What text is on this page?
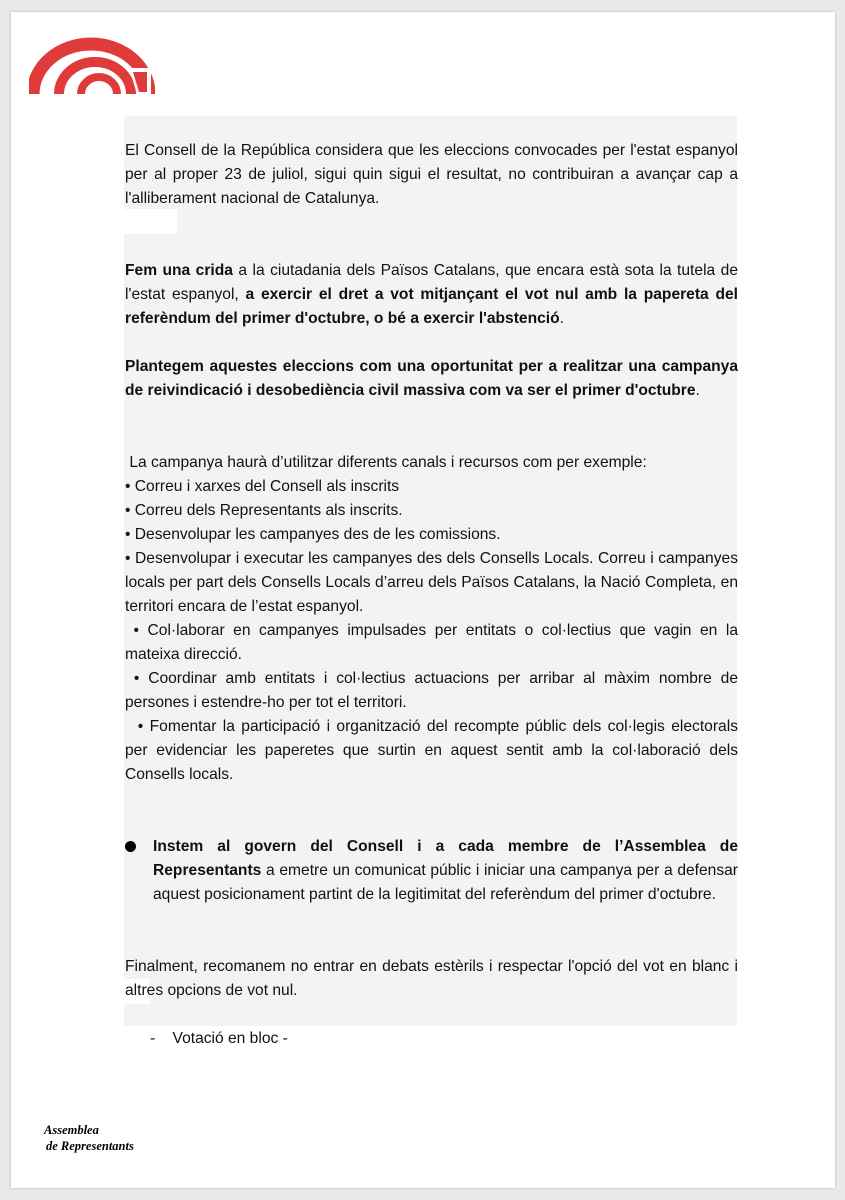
El Consell de la República considera que les eleccions convocades per l'estat espanyol per al proper 23 de juliol, sigui quin sigui el resultat, no contribuiran a avançar cap a l'alliberament nacional de Catalunya.

Fem una crida a la ciutadania dels Països Catalans, que encara està sota la tutela de l'estat espanyol, a exercir el dret a vot mitjançant el vot nul amb la papereta del referèndum del primer d'octubre, o bé a exercir l'abstenció.

Plantegem aquestes eleccions com una oportunitat per a realitzar una campanya de reivindicació i desobediència civil massiva com va ser el primer d'octubre.

La campanya haurà d’utilitzar diferents canals i recursos com per exemple:

• Correu i xarxes del Consell als inscrits
• Correu dels Representants als inscrits.
• Desenvolupar les campanyes des de les comissions.
• Desenvolupar i executar les campanyes des dels Consells Locals. Correu i campanyes locals per part dels Consells Locals d’arreu dels Països Catalans, la Nació Completa, en territori encara de l’estat espanyol.
• Col·laborar en campanyes impulsades per entitats o col·lectius que vagin en la mateixa direcció.
• Coordinar amb entitats i col·lectius actuacions per arribar al màxim nombre de persones i estendre-ho per tot el territori.
• Fomentar la participació i organització del recompte públic dels col·legis electorals per evidenciar les paperetes que surtin en aquest sentit amb la col·laboració dels Consells locals.

Instem al govern del Consell i a cada membre de l’Assemblea de Representants a emetre un comunicat públic i iniciar una campanya per a defensar aquest posicionament partint de la legitimitat del referèndum del primer d'octubre.

Finalment, recomanem no entrar en debats estèrils i respectar l'opció del vot en blanc i altres opcions de vot nul.

-    Votació en bloc -

Assemblea
de Representants
